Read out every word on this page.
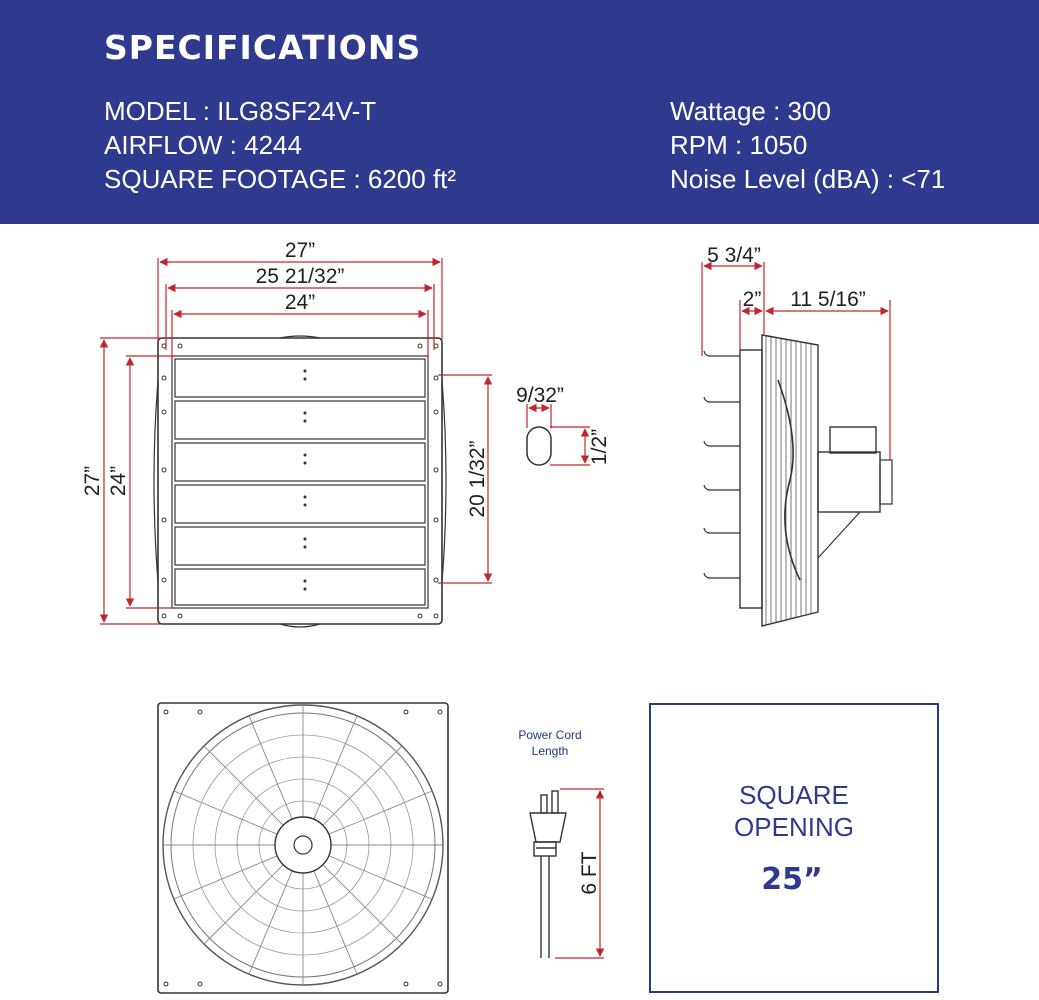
SPECIFICATIONS
MODEL : ILG8SF24V-T
AIRFLOW : 4244
SQUARE FOOTAGE : 6200 ft²
Wattage : 300
RPM : 1050
Noise Level (dBA) : <71
27”
25 21/32”
24”
27” 24”	20 1/32”
9/32”
1/2”
5 3/4”
2” 11 5/16”
Power Cord
Length
6 FT
SQUARE
OPENING
25”
